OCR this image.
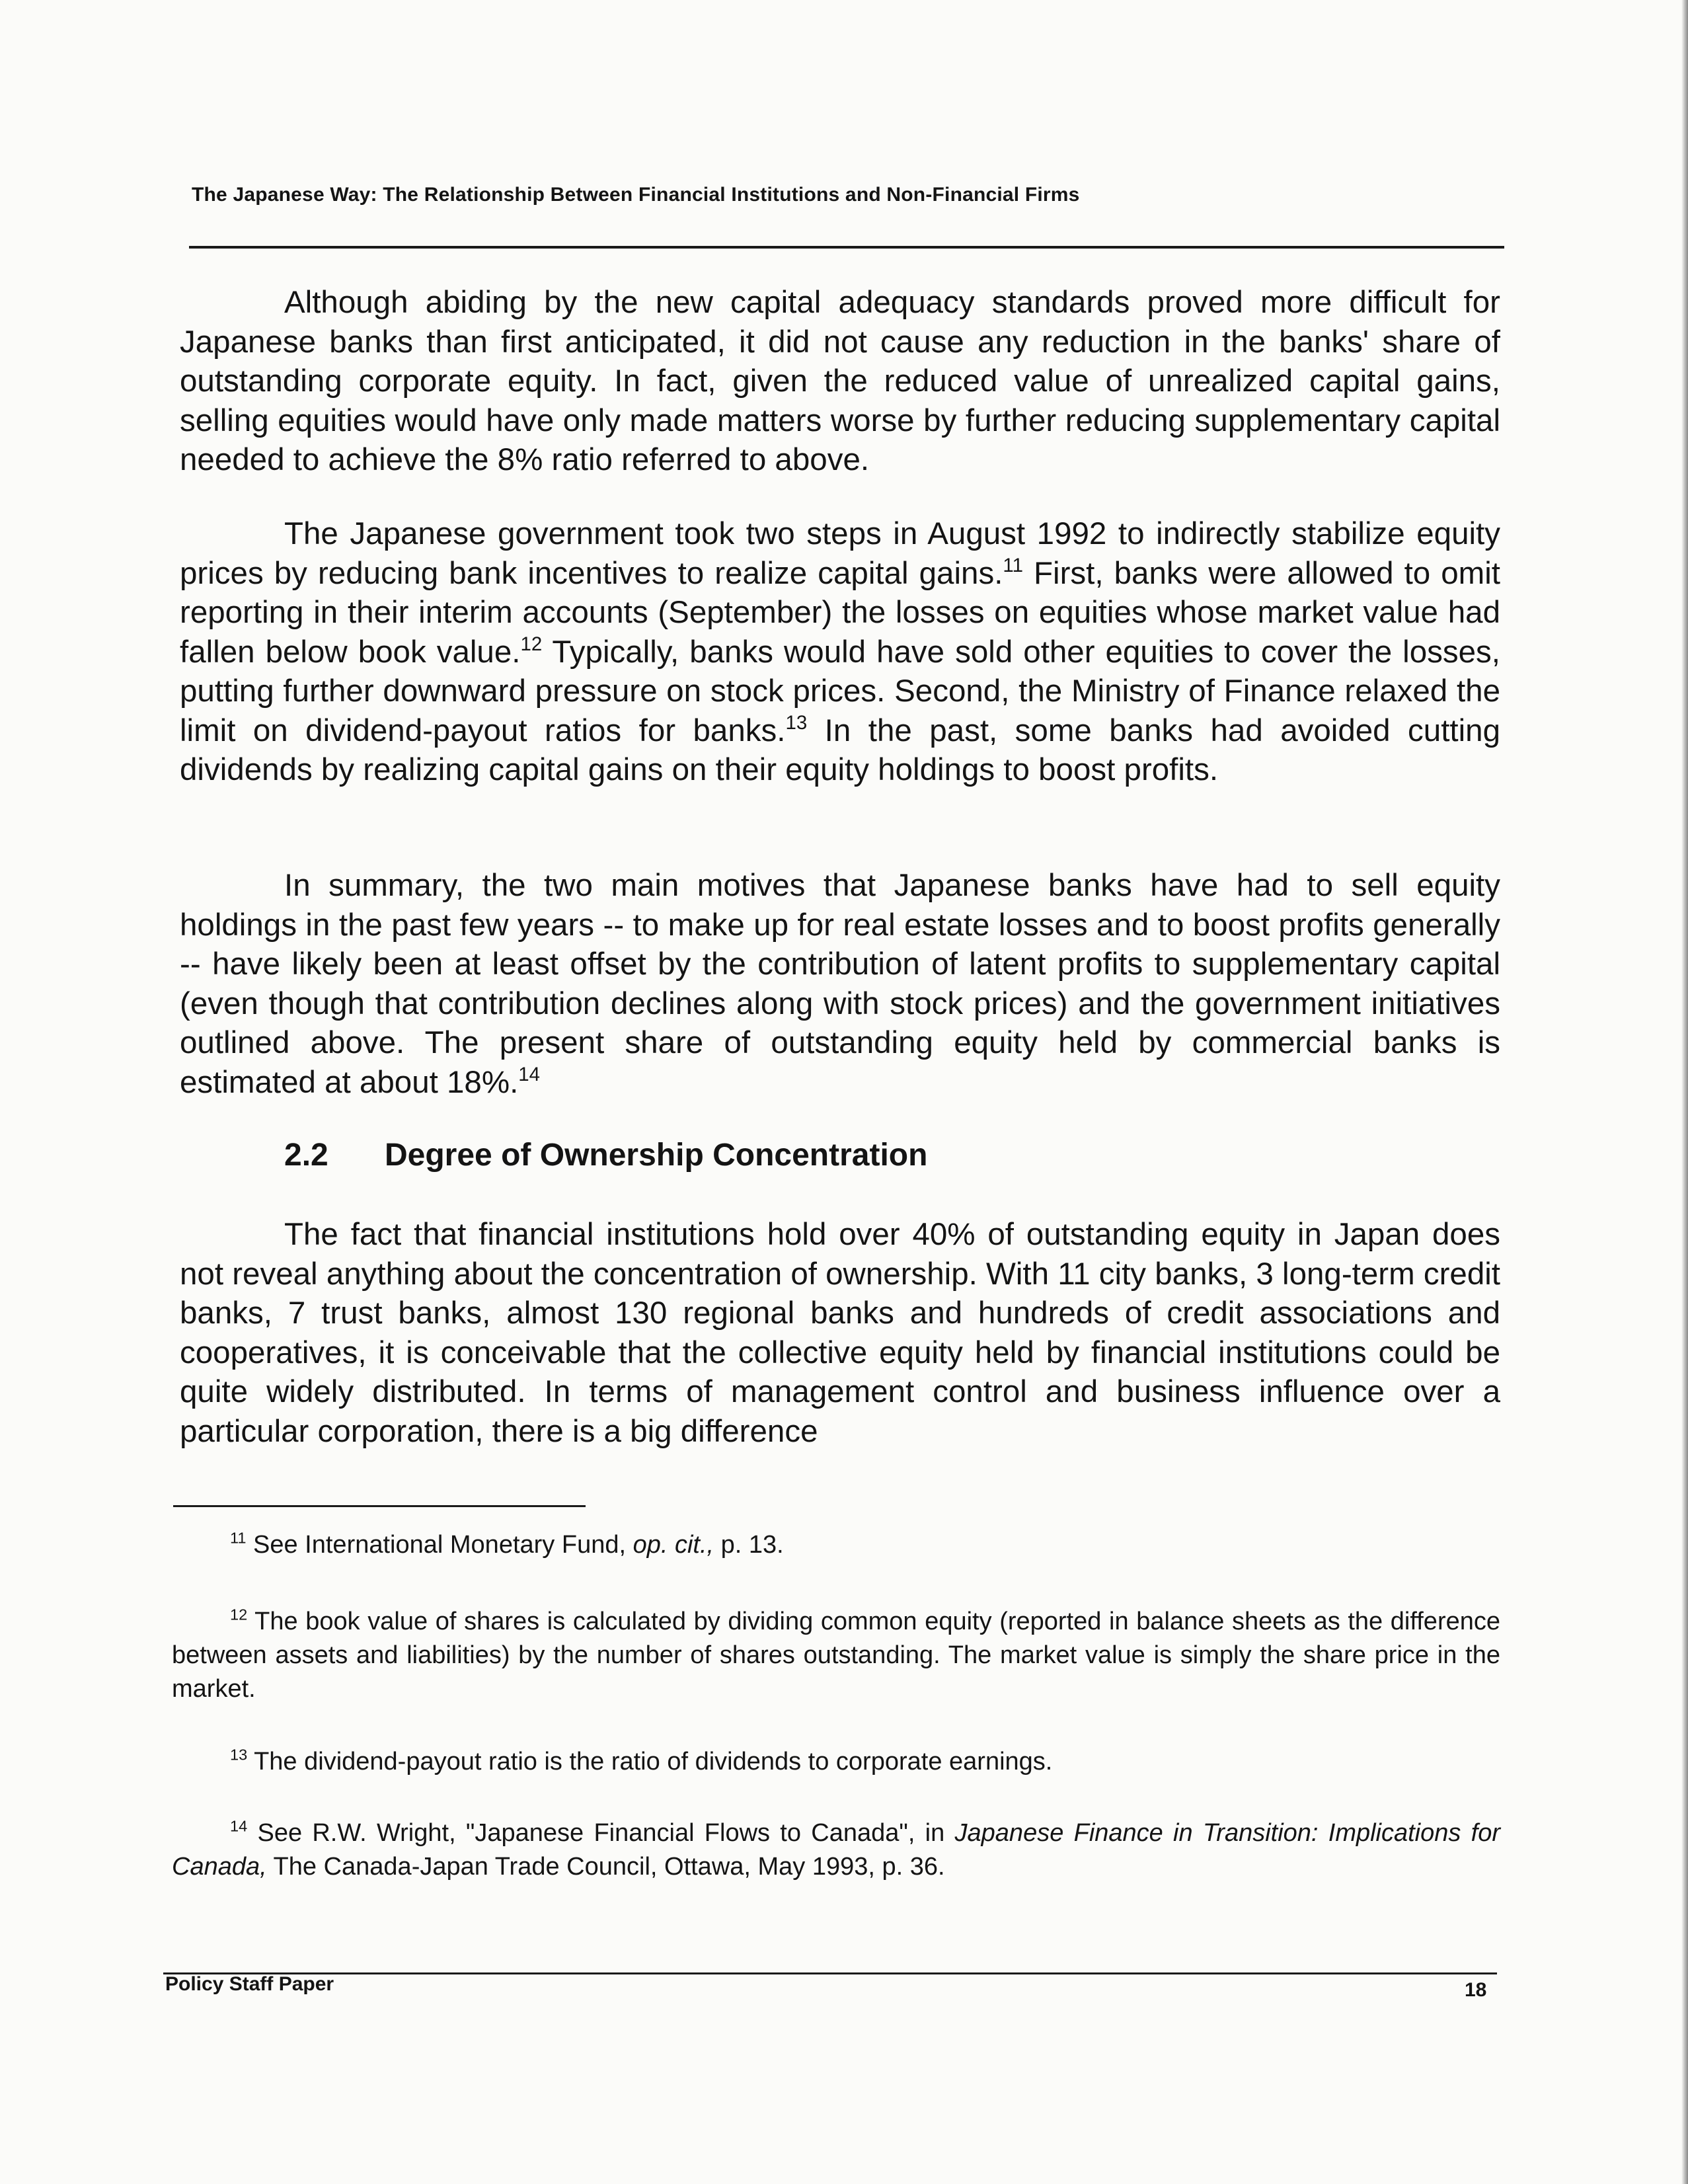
The Japanese Way: The Relationship Between Financial Institutions and Non-Financial Firms

Although abiding by the new capital adequacy standards proved more difficult for Japanese banks than first anticipated, it did not cause any reduction in the banks' share of outstanding corporate equity. In fact, given the reduced value of unrealized capital gains, selling equities would have only made matters worse by further reducing supplementary capital needed to achieve the 8% ratio referred to above.

The Japanese government took two steps in August 1992 to indirectly stabilize equity prices by reducing bank incentives to realize capital gains.$^{11}$ First, banks were allowed to omit reporting in their interim accounts (September) the losses on equities whose market value had fallen below book value.$^{12}$ Typically, banks would have sold other equities to cover the losses, putting further downward pressure on stock prices. Second, the Ministry of Finance relaxed the limit on dividend-payout ratios for banks.$^{13}$ In the past, some banks had avoided cutting dividends by realizing capital gains on their equity holdings to boost profits.

In summary, the two main motives that Japanese banks have had to sell equity holdings in the past few years -- to make up for real estate losses and to boost profits generally -- have likely been at least offset by the contribution of latent profits to supplementary capital (even though that contribution declines along with stock prices) and the government initiatives outlined above. The present share of outstanding equity held by commercial banks is estimated at about 18%.$^{14}$

2.2 Degree of Ownership Concentration

The fact that financial institutions hold over 40% of outstanding equity in Japan does not reveal anything about the concentration of ownership. With 11 city banks, 3 long-term credit banks, 7 trust banks, almost 130 regional banks and hundreds of credit associations and cooperatives, it is conceivable that the collective equity held by financial institutions could be quite widely distributed. In terms of management control and business influence over a particular corporation, there is a big difference

$^{11}$ See International Monetary Fund, op. cit., p. 13.

$^{12}$ The book value of shares is calculated by dividing common equity (reported in balance sheets as the difference between assets and liabilities) by the number of shares outstanding. The market value is simply the share price in the market.

$^{13}$ The dividend-payout ratio is the ratio of dividends to corporate earnings.

$^{14}$ See R.W. Wright, "Japanese Financial Flows to Canada", in Japanese Finance in Transition: Implications for Canada, The Canada-Japan Trade Council, Ottawa, May 1993, p. 36.

Policy Staff Paper	18
